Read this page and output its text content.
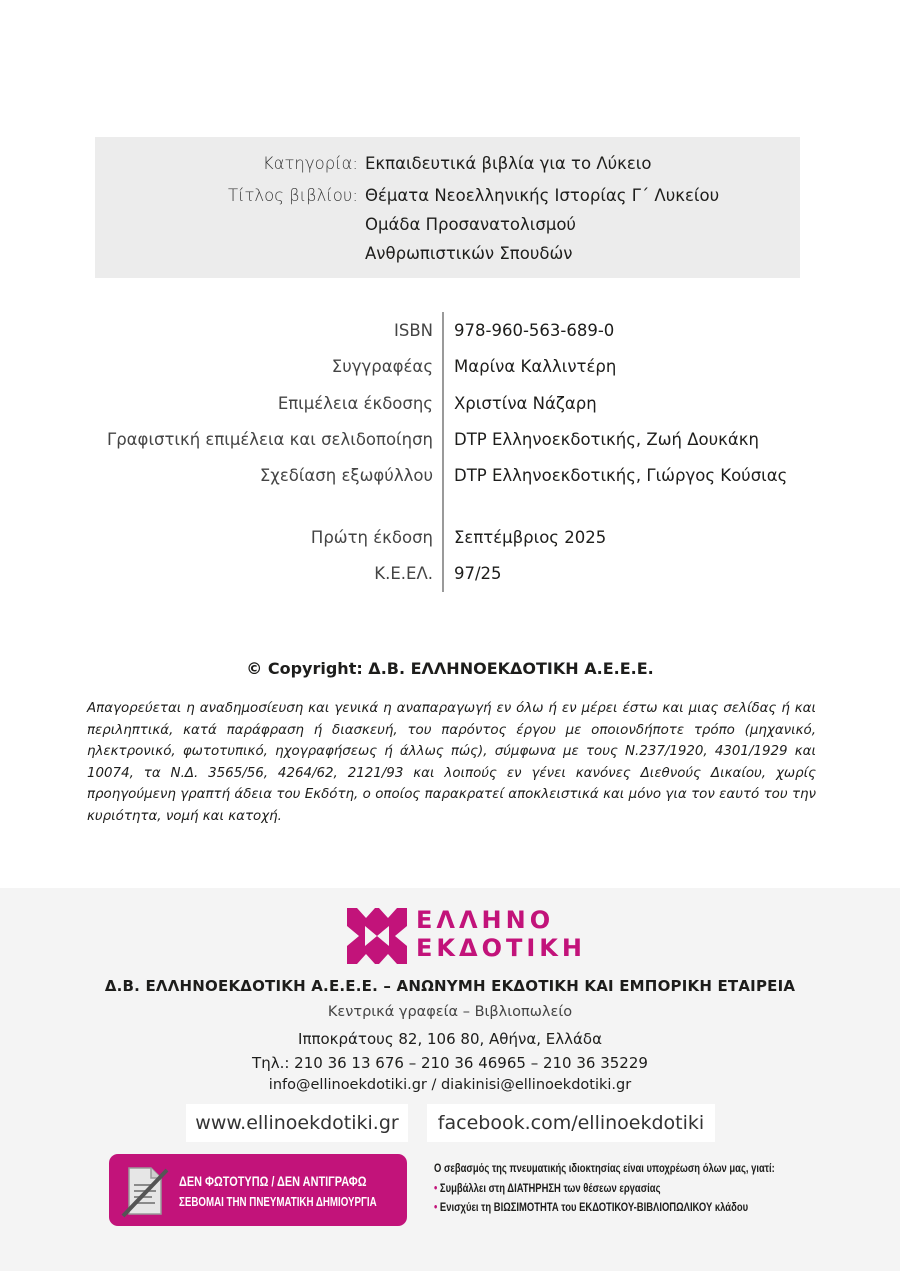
Κατηγορία: Εκπαιδευτικά βιβλία για το Λύκειο
Τίτλος βιβλίου: Θέματα Νεοελληνικής Ιστορίας Γ΄ Λυκείου
Ομάδα Προσανατολισμού
Ανθρωπιστικών Σπουδών
ISBN 978-960-563-689-0
Συγγραφέας Μαρίνα Καλλιντέρη
Επιμέλεια έκδοσης Χριστίνα Νάζαρη
Γραφιστική επιμέλεια και σελιδοποίηση DTP Ελληνοεκδοτικής, Ζωή Δουκάκη
Σχεδίαση εξωφύλλου DTP Ελληνοεκδοτικής, Γιώργος Κούσιας
Πρώτη έκδοση Σεπτέμβριος 2025
Κ.Ε.ΕΛ. 97/25
© Copyright: Δ.Β. ΕΛΛΗΝΟΕΚΔΟΤΙΚΗ Α.Ε.Ε.Ε.
Απαγορεύεται η αναδημοσίευση και γενικά η αναπαραγωγή εν όλω ή εν μέρει έστω και μιας σελίδας ή και περιληπτικά, κατά παράφραση ή διασκευή, του παρόντος έργου με οποιονδήποτε τρόπο (μηχανικό, ηλεκτρονικό, φωτοτυπικό, ηχογραφήσεως ή άλλως πώς), σύμφωνα με τους Ν.237/1920, 4301/1929 και 10074, τα Ν.Δ. 3565/56, 4264/62, 2121/93 και λοιπούς εν γένει κανόνες Διεθνούς Δικαίου, χωρίς προηγούμενη γραπτή άδεια του Εκδότη, ο οποίος παρακρατεί αποκλειστικά και μόνο για τον εαυτό του την κυριότητα, νομή και κατοχή.
ΕΛΛΗΝΟ
ΕΚΔΟΤΙΚΗ
Δ.Β. ΕΛΛΗΝΟΕΚΔΟΤΙΚΗ Α.Ε.Ε.Ε. – ΑΝΩΝΥΜΗ ΕΚΔΟΤΙΚΗ ΚΑΙ ΕΜΠΟΡΙΚΗ ΕΤΑΙΡΕΙΑ
Κεντρικά γραφεία – Βιβλιοπωλείο
Ιπποκράτους 82, 106 80, Αθήνα, Ελλάδα
Τηλ.: 210 36 13 676 – 210 36 46965 – 210 36 35229
info@ellinoekdotiki.gr / diakinisi@ellinoekdotiki.gr
www.ellinoekdotiki.gr	facebook.com/ellinoekdotiki
ΔΕΝ ΦΩΤΟΤΥΠΩ / ΔΕΝ ΑΝΤΙΓΡΑΦΩ
ΣΕΒΟΜΑΙ ΤΗΝ ΠΝΕΥΜΑΤΙΚΗ ΔΗΜΙΟΥΡΓΙΑ
Ο σεβασμός της πνευματικής ιδιοκτησίας είναι υποχρέωση όλων μας, γιατί:
• Συμβάλλει στη ΔΙΑΤΗΡΗΣΗ των θέσεων εργασίας
• Ενισχύει τη ΒΙΩΣΙΜΟΤΗΤΑ του ΕΚΔΟΤΙΚΟΥ-ΒΙΒΛΙΟΠΩΛΙΚΟΥ κλάδου
